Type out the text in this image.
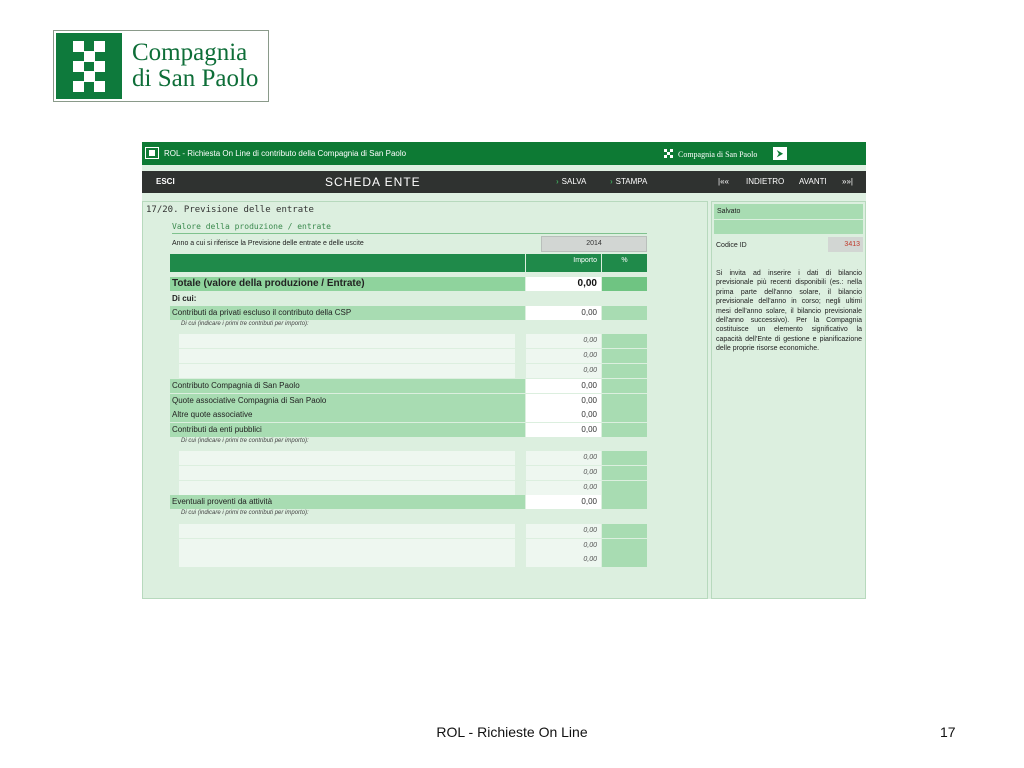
Compagnia
di San Paolo
ROL - Richiesta On Line di contributo della Compagnia di San Paolo	Compagnia di San Paolo	⮞
ESCI	SCHEDA ENTE	› SALVA	› STAMPA	|«« INDIETRO AVANTI »»|
17/20. Previsione delle entrate
Valore della produzione / entrate
Anno a cui si riferisce la Previsione delle entrate e delle uscite	2014
Importo	%
Totale (valore della produzione / Entrate)	0,00
Di cui:
Contributi da privati escluso il contributo della CSP	0,00
Di cui (indicare i primi tre contributi per importo):
0,00
0,00
0,00
Contributo Compagnia di San Paolo	0,00
Quote associative Compagnia di San Paolo	0,00
Altre quote associative	0,00
Contributi da enti pubblici	0,00
Di cui (indicare i primi tre contributi per importo):
0,00
0,00
0,00
Eventuali proventi da attività	0,00
Di cui (indicare i primi tre contributi per importo):
0,00
0,00
0,00
Salvato
Codice ID	3413
Si invita ad inserire i dati di bilancio previsionale più recenti disponibili (es.: nella prima parte dell'anno solare, il bilancio previsionale dell'anno in corso; negli ultimi mesi dell'anno solare, il bilancio previsionale dell'anno successivo). Per la Compagnia costituisce un elemento significativo la capacità dell'Ente di gestione e pianificazione delle proprie risorse economiche.
ROL - Richieste On Line	17
